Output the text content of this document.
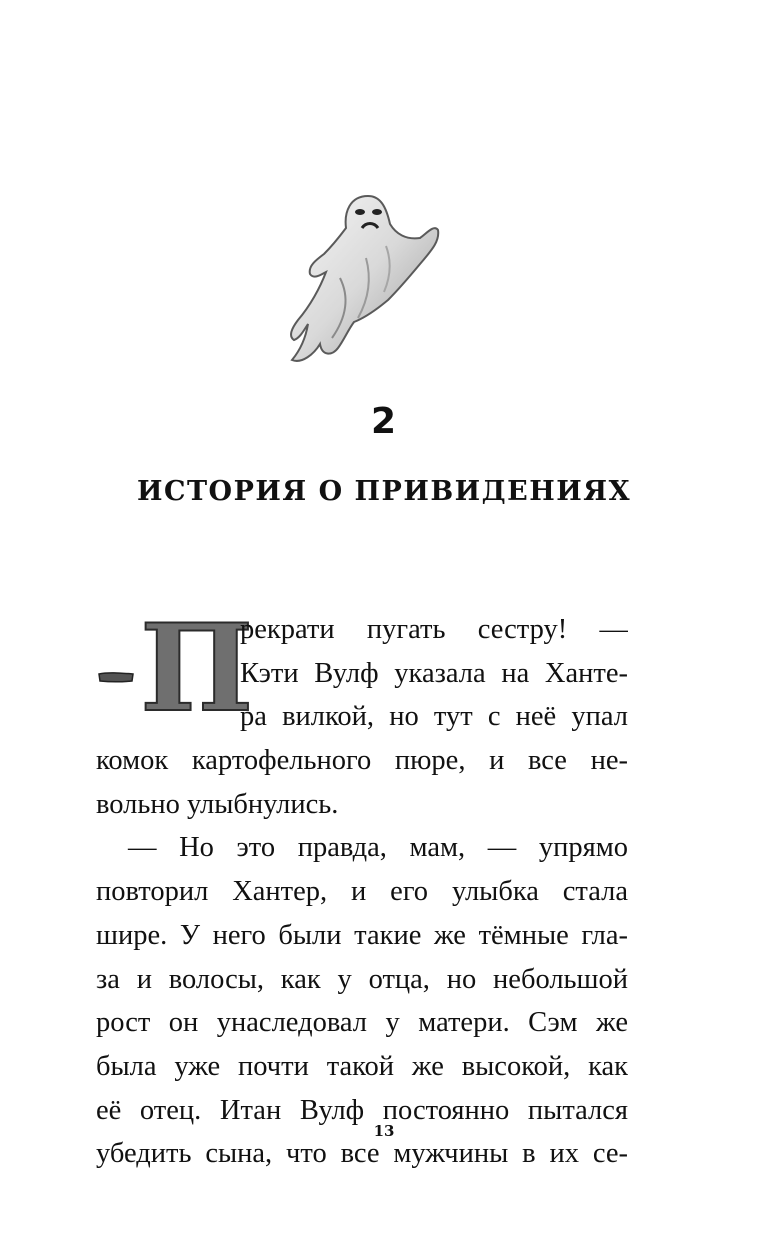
2
ИСТОРИЯ О ПРИВИДЕНИЯХ
П
рекрати пугать сестру! —
Кэти Вулф указала на Ханте-
ра вилкой, но тут с неё упал
комок картофельного пюре, и все не-
вольно улыбнулись.
— Но это правда, мам, — упрямо
повторил Хантер, и его улыбка стала
шире. У него были такие же тёмные гла-
за и волосы, как у отца, но небольшой
рост он унаследовал у матери. Сэм же
была уже почти такой же высокой, как
её отец. Итан Вулф постоянно пытался
убедить сына, что все мужчины в их се-
13
